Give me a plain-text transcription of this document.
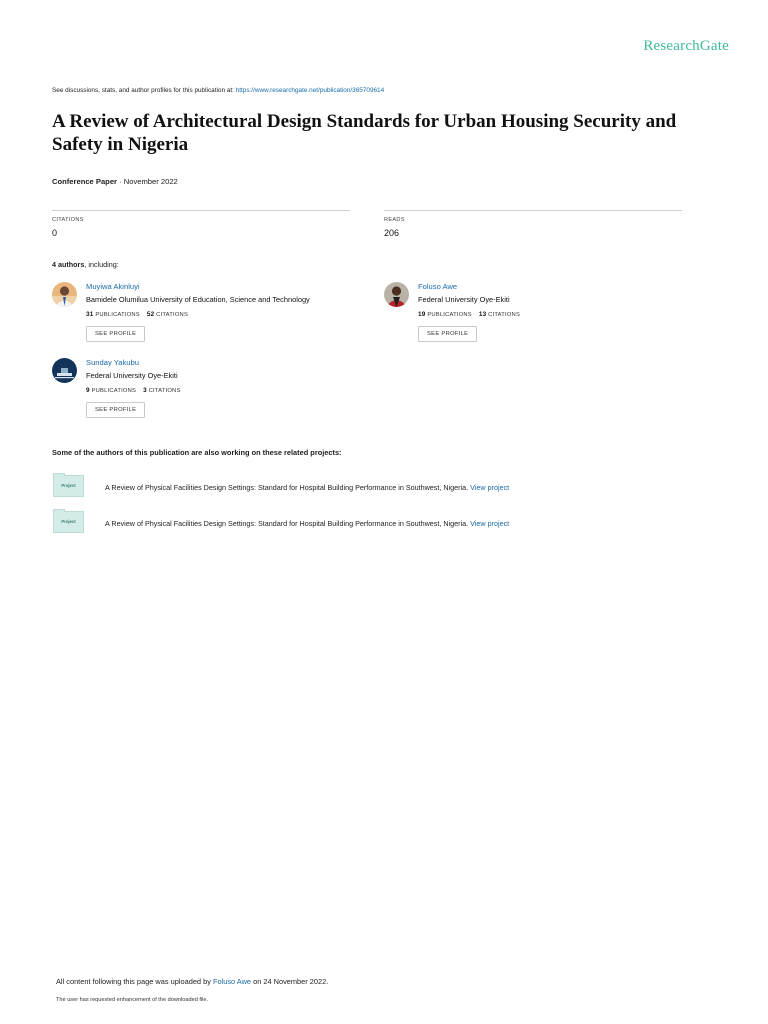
ResearchGate
See discussions, stats, and author profiles for this publication at: https://www.researchgate.net/publication/365709614
A Review of Architectural Design Standards for Urban Housing Security and Safety in Nigeria
Conference Paper · November 2022
CITATIONS
0
READS
206
4 authors, including:
Muyiwa Akinluyi
Bamidele Olumilua University of Education, Science and Technology
31 PUBLICATIONS 52 CITATIONS
SEE PROFILE
Foluso Awe
Federal University Oye-Ekiti
19 PUBLICATIONS 13 CITATIONS
SEE PROFILE
Sunday Yakubu
Federal University Oye-Ekiti
9 PUBLICATIONS 3 CITATIONS
SEE PROFILE
Some of the authors of this publication are also working on these related projects:
Project	A Review of Physical Facilities Design Settings: Standard for Hospital Building Performance in Southwest, Nigeria. View project
Project	A Review of Physical Facilities Design Settings: Standard for Hospital Building Performance in Southwest, Nigeria. View project
All content following this page was uploaded by Foluso Awe on 24 November 2022.
The user has requested enhancement of the downloaded file.
